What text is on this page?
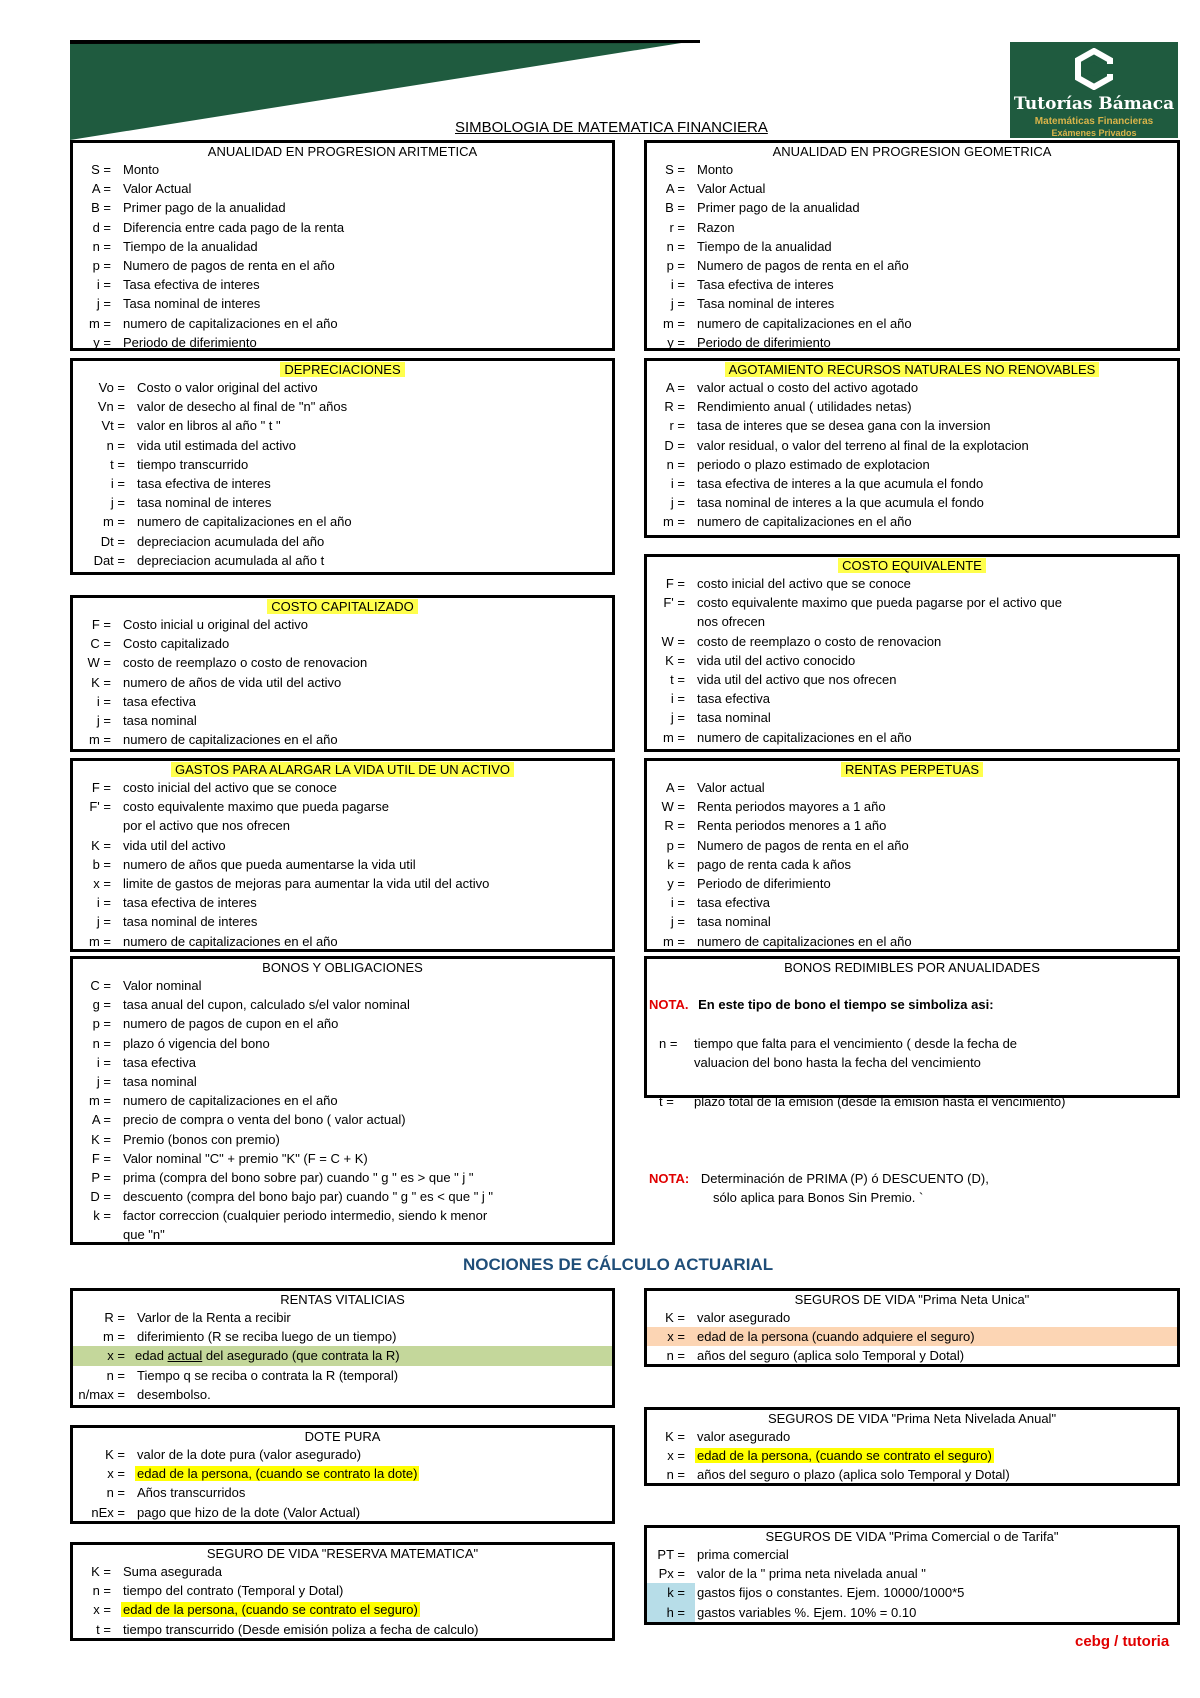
Tutorías Bámaca
Matemáticas Financieras
Exámenes Privados
SIMBOLOGIA DE MATEMATICA FINANCIERA
ANUALIDAD EN PROGRESION ARITMETICA
S = Monto
A = Valor Actual
B = Primer pago de la anualidad
d = Diferencia entre cada pago de la renta
n = Tiempo de la anualidad
p = Numero de pagos de renta en el año
i = Tasa efectiva de interes
j = Tasa nominal de interes
m = numero de capitalizaciones en el año
y = Periodo de diferimiento
ANUALIDAD EN PROGRESION GEOMETRICA
S = Monto
A = Valor Actual
B = Primer pago de la anualidad
r = Razon
n = Tiempo de la anualidad
p = Numero de pagos de renta en el año
i = Tasa efectiva de interes
j = Tasa nominal de interes
m = numero de capitalizaciones en el año
y = Periodo de diferimiento
DEPRECIACIONES
Vo = Costo o valor original del activo
Vn = valor de desecho al final de "n" años
Vt = valor en libros al año " t "
n = vida util estimada del activo
t = tiempo transcurrido
i = tasa efectiva de interes
j = tasa nominal de interes
m = numero de capitalizaciones en el año
Dt = depreciacion acumulada del año
Dat = depreciacion acumulada al año t
AGOTAMIENTO RECURSOS NATURALES NO RENOVABLES
A = valor actual o costo del activo agotado
R = Rendimiento anual ( utilidades netas)
r = tasa de interes que se desea gana con la inversion
D = valor residual, o valor del terreno al final de la explotacion
n = periodo o plazo estimado de explotacion
i = tasa efectiva de interes a la que acumula el fondo
j = tasa nominal de interes a la que acumula el fondo
m = numero de capitalizaciones en el año
COSTO EQUIVALENTE
F = costo inicial del activo que se conoce
F' = costo equivalente maximo que pueda pagarse por el activo que
nos ofrecen
W = costo de reemplazo o costo de renovacion
K = vida util del activo conocido
t = vida util del activo que nos ofrecen
i = tasa efectiva
j = tasa nominal
m = numero de capitalizaciones en el año
COSTO CAPITALIZADO
F = Costo inicial u original del activo
C = Costo capitalizado
W = costo de reemplazo o costo de renovacion
K = numero de años de vida util del activo
i = tasa efectiva
j = tasa nominal
m = numero de capitalizaciones en el año
GASTOS PARA ALARGAR LA VIDA UTIL DE UN ACTIVO
F = costo inicial del activo que se conoce
F' = costo equivalente maximo que pueda pagarse
por el activo que nos ofrecen
K = vida util del activo
b = numero de años que pueda aumentarse la vida util
x = limite de gastos de mejoras para aumentar la vida util del activo
i = tasa efectiva de interes
j = tasa nominal de interes
m = numero de capitalizaciones en el año
RENTAS PERPETUAS
A = Valor actual
W = Renta periodos mayores a 1 año
R = Renta periodos menores a 1 año
p = Numero de pagos de renta en el año
k = pago de renta cada k años
y = Periodo de diferimiento
i = tasa efectiva
j = tasa nominal
m = numero de capitalizaciones en el año
BONOS Y OBLIGACIONES
C = Valor nominal
g = tasa anual del cupon, calculado s/el valor nominal
p = numero de pagos de cupon en el año
n = plazo ó vigencia del bono
i = tasa efectiva
j = tasa nominal
m = numero de capitalizaciones en el año
A = precio de compra o venta del bono ( valor actual)
K = Premio (bonos con premio)
F = Valor nominal "C" + premio "K" (F = C + K)
P = prima (compra del bono sobre par) cuando " g " es > que " j "
D = descuento (compra del bono bajo par) cuando " g " es < que " j "
k = factor correccion (cualquier periodo intermedio, siendo k menor
que "n"
BONOS REDIMIBLES POR ANUALIDADES
NOTA. En este tipo de bono el tiempo se simboliza asi:
n = tiempo que falta para el vencimiento ( desde la fecha de
valuacion del bono hasta la fecha del vencimiento
t = plazo total de la emision (desde la emision hasta el vencimiento)
NOTA: Determinación de PRIMA (P) ó DESCUENTO (D),
sólo aplica para Bonos Sin Premio. `
NOCIONES DE CÁLCULO ACTUARIAL
RENTAS VITALICIAS
R = Varlor de la Renta a recibir
m = diferimiento (R se reciba luego de un tiempo)
x = edad actual del asegurado (que contrata la R)
n = Tiempo q se reciba o contrata la R (temporal)
n/max = desembolso.
SEGUROS DE VIDA "Prima Neta Unica"
K = valor asegurado
x = edad de la persona (cuando adquiere el seguro)
n = años del seguro (aplica solo Temporal y Dotal)
SEGUROS DE VIDA "Prima Neta Nivelada Anual"
K = valor asegurado
x = edad de la persona, (cuando se contrato el seguro)
n = años del seguro o plazo (aplica solo Temporal y Dotal)
DOTE PURA
K = valor de la dote pura (valor asegurado)
x = edad de la persona, (cuando se contrato la dote)
n = Años transcurridos
nEx = pago que hizo de la dote (Valor Actual)
SEGUROS DE VIDA "Prima Comercial o de Tarifa"
PT = prima comercial
Px = valor de la " prima neta nivelada anual "
k = gastos fijos o constantes. Ejem. 10000/1000*5
h = gastos variables %. Ejem. 10% = 0.10
SEGURO DE VIDA "RESERVA MATEMATICA"
K = Suma asegurada
n = tiempo del contrato (Temporal y Dotal)
x = edad de la persona, (cuando se contrato el seguro)
t = tiempo transcurrido (Desde emisión poliza a fecha de calculo)
cebg / tutoria
